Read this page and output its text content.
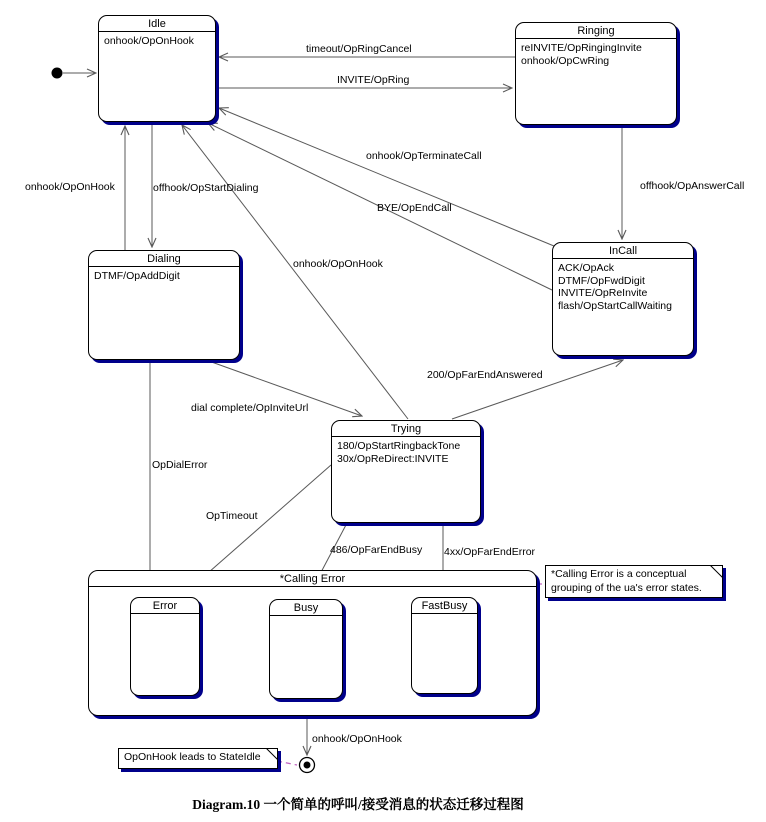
Idle
onhook/OpOnHook
Ringing
reINVITE/OpRingingInvite
onhook/OpCwRing
Dialing
DTMF/OpAddDigit
InCall
ACK/OpAck
DTMF/OpFwdDigit
INVITE/OpReInvite
flash/OpStartCallWaiting
Trying
180/OpStartRingbackTone
30x/OpReDirect:INVITE
*Calling Error
Error	Busy	FastBusy
timeout/OpRingCancel
INVITE/OpRing
offhook/OpAnswerCall
onhook/OpTerminateCall
BYE/OpEndCall
onhook/OpOnHook
onhook/OpOnHook	offhook/OpStartDialing
dial complete/OpInviteUrl
200/OpFarEndAnswered
OpDialError
OpTimeout
486/OpFarEndBusy 4xx/OpFarEndError
onhook/OpOnHook
*Calling Error is a conceptual grouping of the ua's error states.
OpOnHook leads to StateIdle
Diagram.10 一个简单的呼叫/接受消息的状态迁移过程图
